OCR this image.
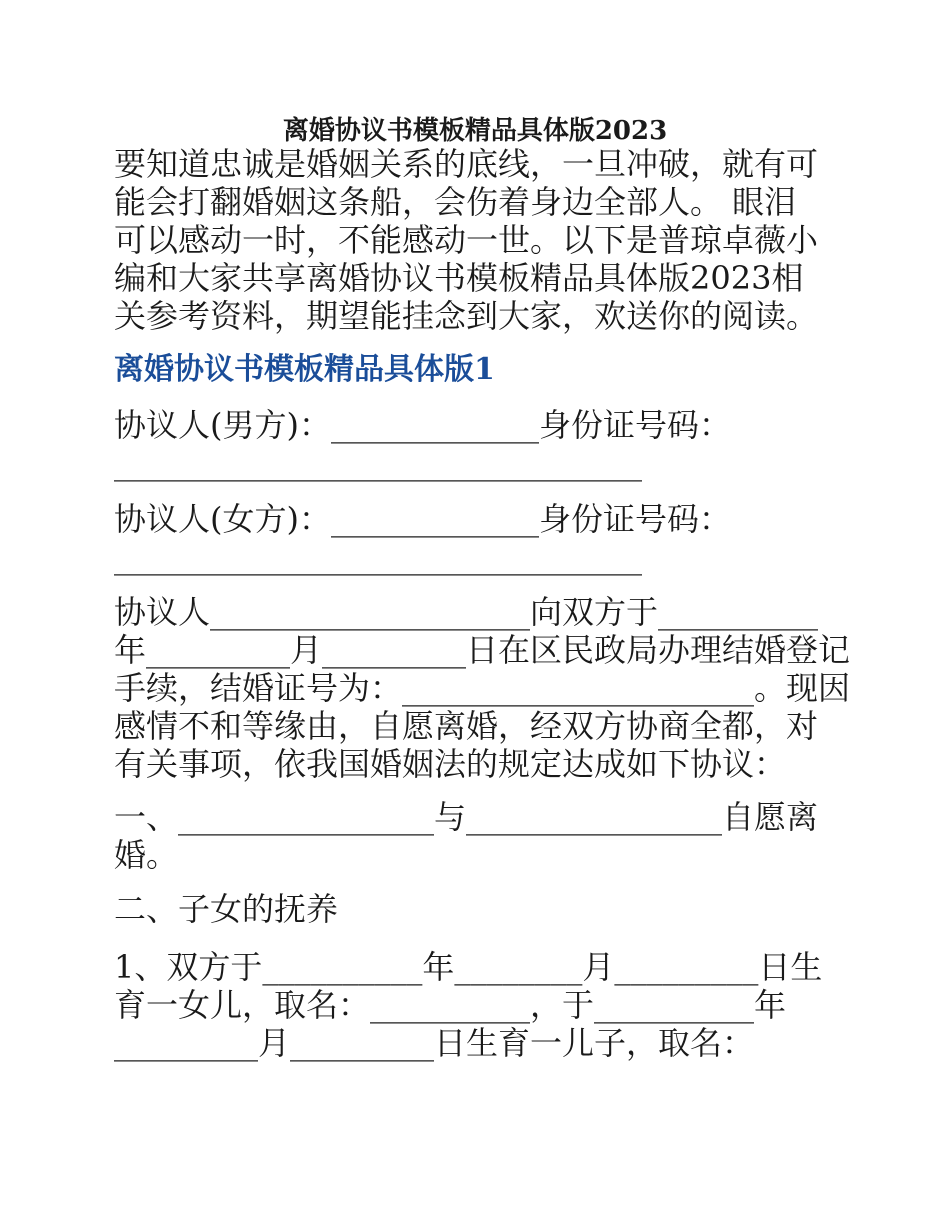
离婚协议书模板精品具体版2023

要知道忠诚是婚姻关系的底线，一旦冲破，就有可
能会打翻婚姻这条船，会伤着身边全部人。 眼泪
可以感动一时，不能感动一世。以下是普琼卓薇小
编和大家共享离婚协议书模板精品具体版2023相
关参考资料，期望能挂念到大家，欢送你的阅读。

离婚协议书模板精品具体版1

协议人(男方)：_____________身份证号码：
_________________________________

协议人(女方)：_____________身份证号码：
_________________________________

协议人____________________向双方于__________
年_________月_________日在区民政局办理结婚登记
手续，结婚证号为：______________________。现因
感情不和等缘由，自愿离婚，经双方协商全都，对
有关事项，依我国婚姻法的规定达成如下协议：

一、________________与________________自愿离
婚。

二、子女的抚养

1、双方于__________年________月_________日生
育一女儿，取名：__________，于__________年
_________月_________日生育一儿子，取名：
